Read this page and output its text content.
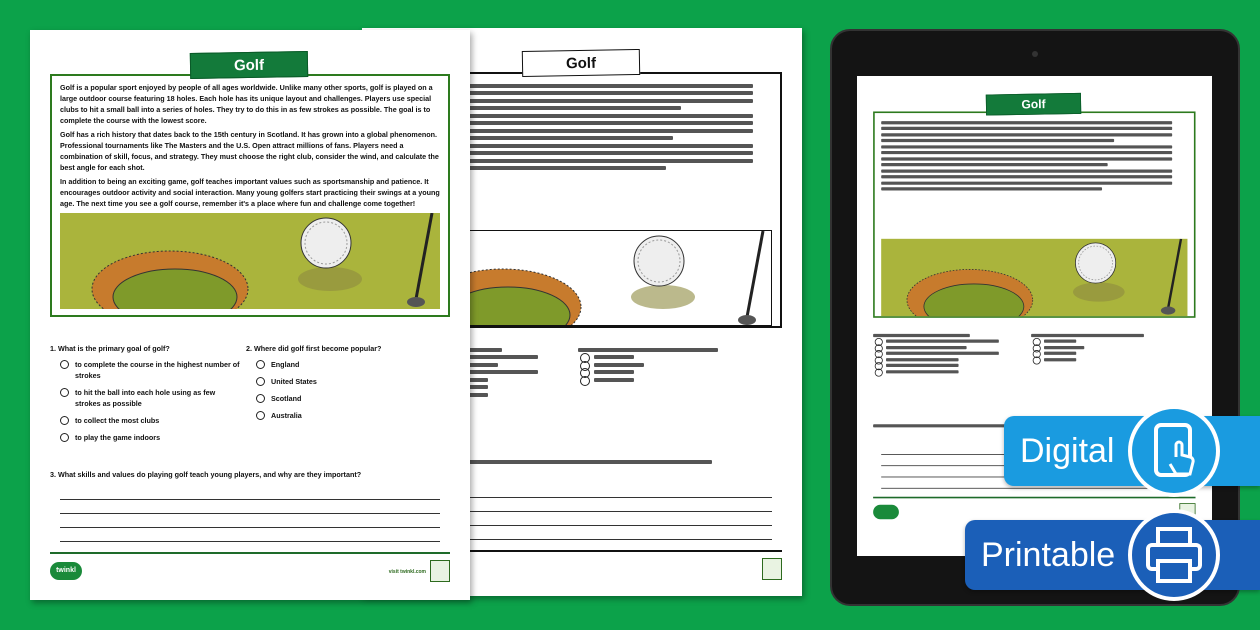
Golf
Golf

Golf is a popular sport enjoyed by people of all ages worldwide. Unlike many other sports, golf is played on a large outdoor course featuring 18 holes. Each hole has its unique layout and challenges. Players use special clubs to hit a small ball into a series of holes. They try to do this in as few strokes as possible. The goal is to complete the course with the lowest score.

Golf has a rich history that dates back to the 15th century in Scotland. It has grown into a global phenomenon. Professional tournaments like The Masters and the U.S. Open attract millions of fans. Players need a combination of skill, focus, and strategy. They must choose the right club, consider the wind, and calculate the best angle for each shot.

In addition to being an exciting game, golf teaches important values such as sportsmanship and patience. It encourages outdoor activity and social interaction. Many young golfers start practicing their swings at a young age. The next time you see a golf course, remember it's a place where fun and challenge come together!

1. What is the primary goal of golf?
to complete the course in the highest number of strokes
to hit the ball into each hole using as few strokes as possible
to collect the most clubs
to play the game indoors
2. Where did golf first become popular?
England
United States
Scotland
Australia
3. What skills and values do playing golf teach young players, and why are they important?
twinkl	visit twinkl.com
Golf
Digital
Printable
